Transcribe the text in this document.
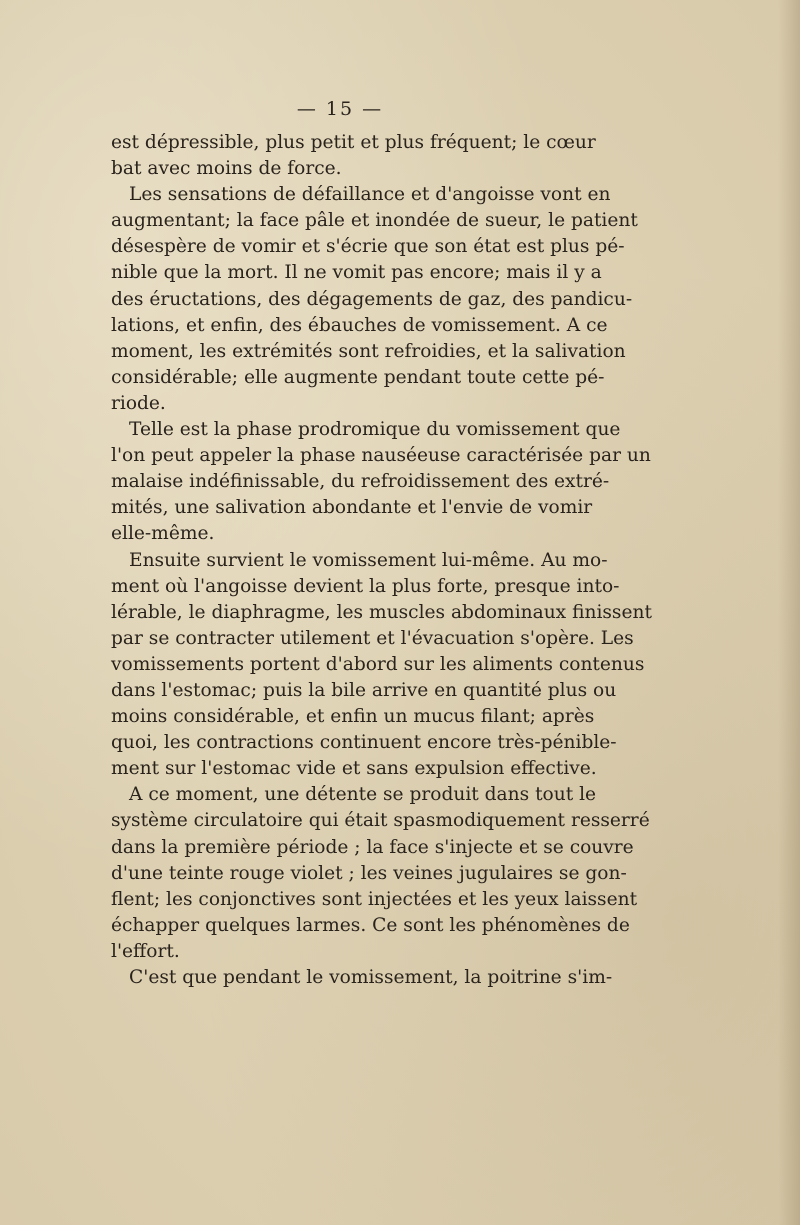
— 15 —
est dépressible, plus petit et plus fréquent; le cœur
bat avec moins de force.
Les sensations de défaillance et d'angoisse vont en
augmentant; la face pâle et inondée de sueur, le patient
désespère de vomir et s'écrie que son état est plus pé-
nible que la mort. Il ne vomit pas encore; mais il y a
des éructations, des dégagements de gaz, des pandicu-
lations, et enfin, des ébauches de vomissement. A ce
moment, les extrémités sont refroidies, et la salivation
considérable; elle augmente pendant toute cette pé-
riode.
Telle est la phase prodromique du vomissement que
l'on peut appeler la phase nauséeuse caractérisée par un
malaise indéfinissable, du refroidissement des extré-
mités, une salivation abondante et l'envie de vomir
elle-même.
Ensuite survient le vomissement lui-même. Au mo-
ment où l'angoisse devient la plus forte, presque into-
lérable, le diaphragme, les muscles abdominaux finissent
par se contracter utilement et l'évacuation s'opère. Les
vomissements portent d'abord sur les aliments contenus
dans l'estomac; puis la bile arrive en quantité plus ou
moins considérable, et enfin un mucus filant; après
quoi, les contractions continuent encore très-pénible-
ment sur l'estomac vide et sans expulsion effective.
A ce moment, une détente se produit dans tout le
système circulatoire qui était spasmodiquement resserré
dans la première période ; la face s'injecte et se couvre
d'une teinte rouge violet ; les veines jugulaires se gon-
flent; les conjonctives sont injectées et les yeux laissent
échapper quelques larmes. Ce sont les phénomènes de
l'effort.
C'est que pendant le vomissement, la poitrine s'im-
